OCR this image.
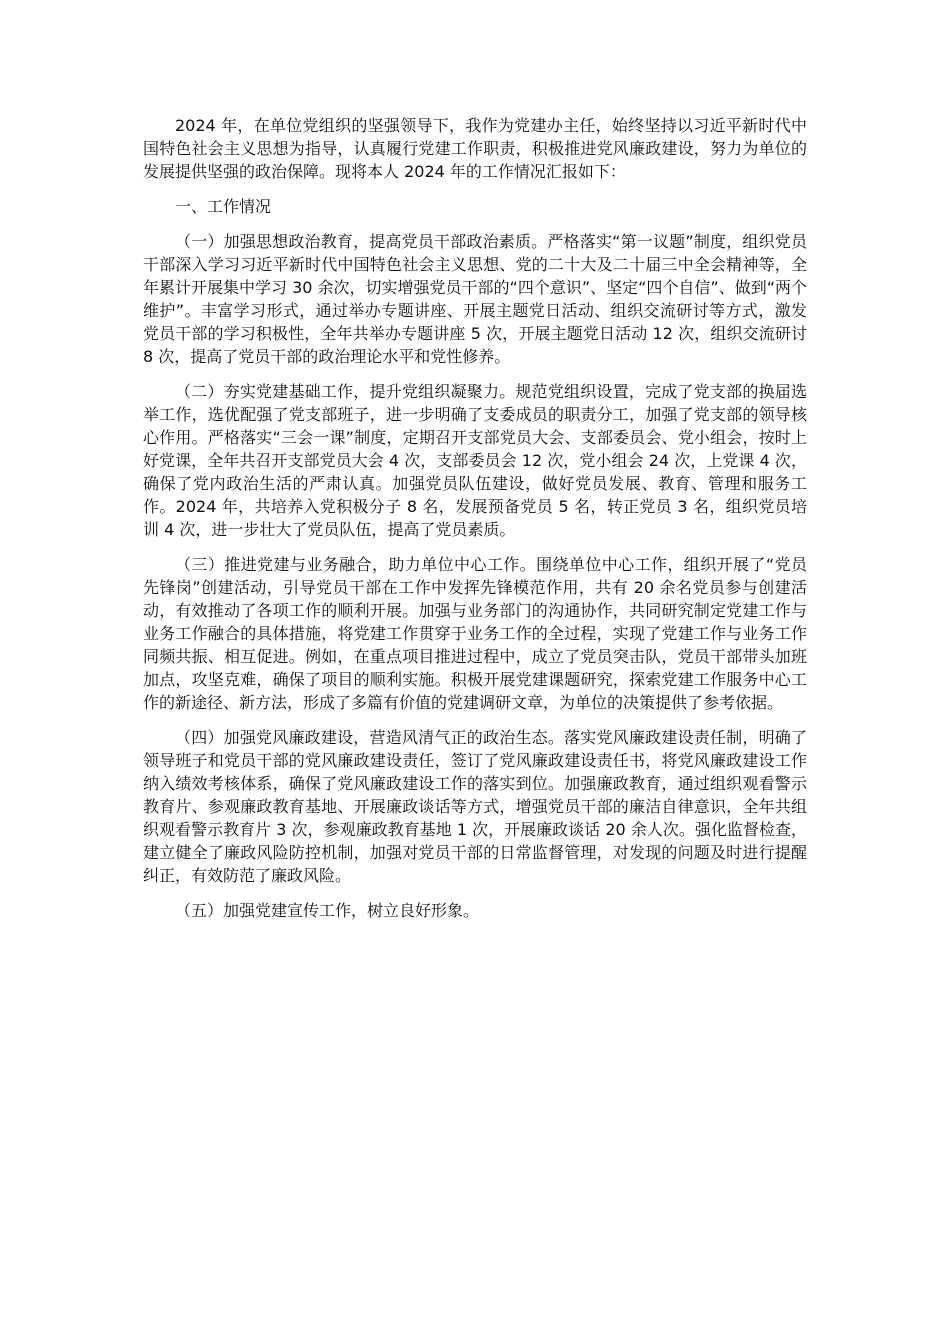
2024 年，在单位党组织的坚强领导下，我作为党建办主任，始终坚持以习近平新时代中国特色社会主义思想为指导，认真履行党建工作职责，积极推进党风廉政建设，努力为单位的发展提供坚强的政治保障。现将本人 2024 年的工作情况汇报如下：

一、工作情况

（一）加强思想政治教育，提高党员干部政治素质。严格落实“第一议题”制度，组织党员干部深入学习习近平新时代中国特色社会主义思想、党的二十大及二十届三中全会精神等，全年累计开展集中学习 30 余次，切实增强党员干部的“四个意识”、坚定“四个自信”、做到“两个维护”。丰富学习形式，通过举办专题讲座、开展主题党日活动、组织交流研讨等方式，激发党员干部的学习积极性，全年共举办专题讲座 5 次，开展主题党日活动 12 次，组织交流研讨 8 次，提高了党员干部的政治理论水平和党性修养。

（二）夯实党建基础工作，提升党组织凝聚力。规范党组织设置，完成了党支部的换届选举工作，选优配强了党支部班子，进一步明确了支委成员的职责分工，加强了党支部的领导核心作用。严格落实“三会一课”制度，定期召开支部党员大会、支部委员会、党小组会，按时上好党课，全年共召开支部党员大会 4 次，支部委员会 12 次，党小组会 24 次，上党课 4 次，确保了党内政治生活的严肃认真。加强党员队伍建设，做好党员发展、教育、管理和服务工作。2024 年，共培养入党积极分子 8 名，发展预备党员 5 名，转正党员 3 名，组织党员培训 4 次，进一步壮大了党员队伍，提高了党员素质。

（三）推进党建与业务融合，助力单位中心工作。围绕单位中心工作，组织开展了“党员先锋岗”创建活动，引导党员干部在工作中发挥先锋模范作用，共有 20 余名党员参与创建活动，有效推动了各项工作的顺利开展。加强与业务部门的沟通协作，共同研究制定党建工作与业务工作融合的具体措施，将党建工作贯穿于业务工作的全过程，实现了党建工作与业务工作同频共振、相互促进。例如，在重点项目推进过程中，成立了党员突击队，党员干部带头加班加点，攻坚克难，确保了项目的顺利实施。积极开展党建课题研究，探索党建工作服务中心工作的新途径、新方法，形成了多篇有价值的党建调研文章，为单位的决策提供了参考依据。

（四）加强党风廉政建设，营造风清气正的政治生态。落实党风廉政建设责任制，明确了领导班子和党员干部的党风廉政建设责任，签订了党风廉政建设责任书，将党风廉政建设工作纳入绩效考核体系，确保了党风廉政建设工作的落实到位。加强廉政教育，通过组织观看警示教育片、参观廉政教育基地、开展廉政谈话等方式，增强党员干部的廉洁自律意识，全年共组织观看警示教育片 3 次，参观廉政教育基地 1 次，开展廉政谈话 20 余人次。强化监督检查，建立健全了廉政风险防控机制，加强对党员干部的日常监督管理，对发现的问题及时进行提醒纠正，有效防范了廉政风险。

（五）加强党建宣传工作，树立良好形象。
